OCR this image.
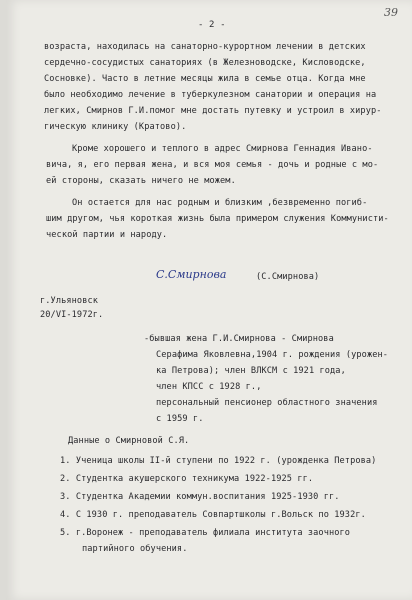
39
- 2 -
возраста, находилась на санаторно-курортном лечении в детских
сердечно-сосудистых санаториях (в Железноводске, Кисловодске,
Сосновке). Часто в летние месяцы жила в семье отца. Когда мне
было необходимо лечение в туберкулезном санатории и операция на
легких, Смирнов Г.И.помог мне достать путевку и устроил в хирур-
гическую клинику (Кратово).
Кроме хорошего и теплого в адрес Смирнова Геннадия Ивано-
вича, я, его первая жена, и вся моя семья - дочь и родные с мо-
ей стороны, сказать ничего не можем.
Он остается для нас родным и близким ,безвременно погиб-
шим другом, чья короткая жизнь была примером служения Коммунисти-
ческой партии и народу.
С.Смирнова	(С.Смирнова)
г.Ульяновск
20/VI-1972г.
-бывшая жена Г.И.Смирнова - Смирнова
Серафима Яковлевна,1904 г. рождения (урожен-
ка Петрова); член ВЛКСМ с 1921 года,
член КПСС с 1928 г.,
персональный пенсионер областного значения
с 1959 г.
Данные о Смирновой С.Я.
1. Ученица школы II-й ступени по 1922 г. (урожденка Петрова)
2. Студентка акушерского техникума 1922-1925 гг.
3. Студентка Академии коммун.воспитания 1925-1930 гг.
4. С 1930 г. преподаватель Совпартшколы г.Вольск по 1932г.
5. г.Воронеж - преподаватель филиала института заочного
партийного обучения.
